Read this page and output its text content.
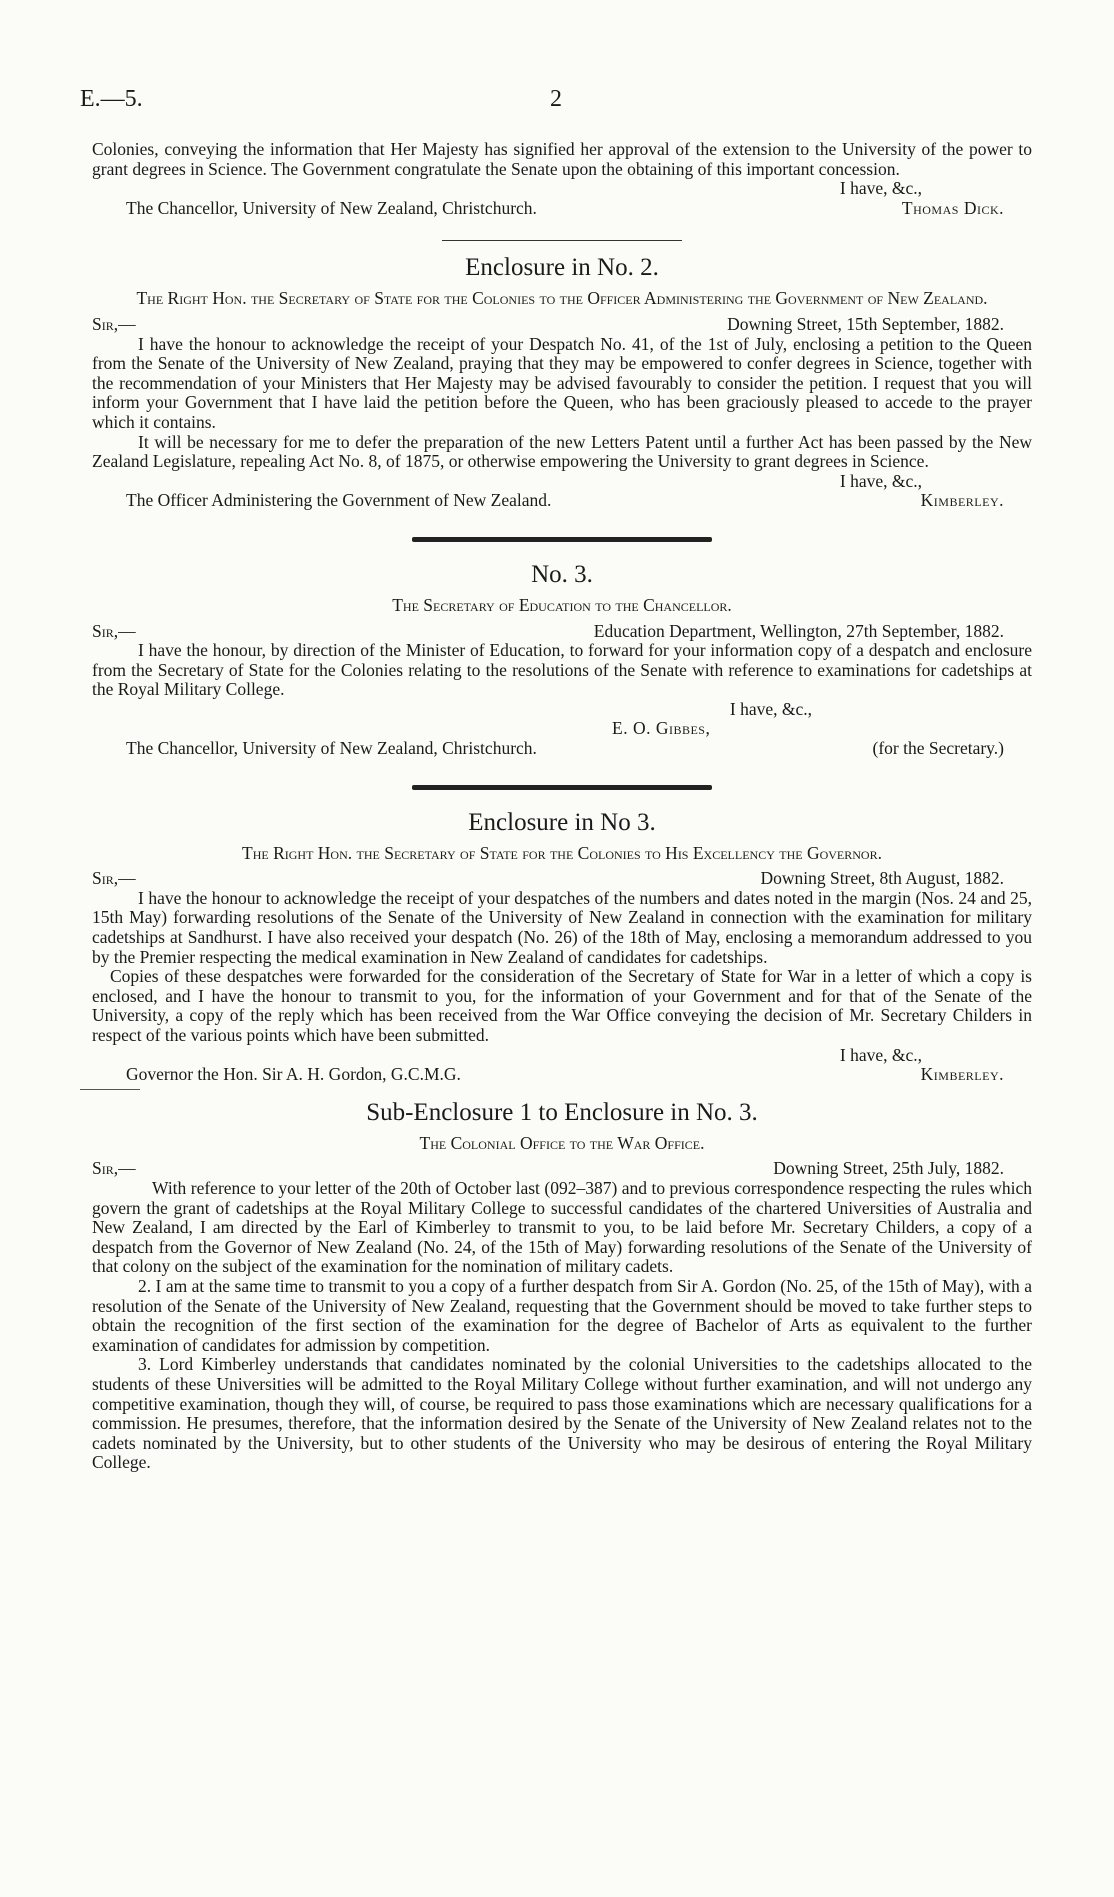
E.—5.	2

Colonies, conveying the information that Her Majesty has signified her approval of the extension to the University of the power to grant degrees in Science. The Government congratulate the Senate upon the obtaining of this important concession.

I have, &c.,
The Chancellor, University of New Zealand, Christchurch.	Thomas Dick.
Enclosure in No. 2.
The Right Hon. the Secretary of State for the Colonies to the Officer Administering the Government of New Zealand.
Sir,—	Downing Street, 15th September, 1882.

I have the honour to acknowledge the receipt of your Despatch No. 41, of the 1st of July, enclosing a petition to the Queen from the Senate of the University of New Zealand, praying that they may be empowered to confer degrees in Science, together with the recommendation of your Ministers that Her Majesty may be advised favourably to consider the petition. I request that you will inform your Government that I have laid the petition before the Queen, who has been graciously pleased to accede to the prayer which it contains.

It will be necessary for me to defer the preparation of the new Letters Patent until a further Act has been passed by the New Zealand Legislature, repealing Act No. 8, of 1875, or otherwise empowering the University to grant degrees in Science.

I have, &c.,
The Officer Administering the Government of New Zealand.	Kimberley.
No. 3.
The Secretary of Education to the Chancellor.
Sir,—	Education Department, Wellington, 27th September, 1882.

I have the honour, by direction of the Minister of Education, to forward for your information copy of a despatch and enclosure from the Secretary of State for the Colonies relating to the resolutions of the Senate with reference to examinations for cadetships at the Royal Military College.

I have, &c.,
E. O. Gibbes,
The Chancellor, University of New Zealand, Christchurch.	(for the Secretary.)
Enclosure in No 3.
The Right Hon. the Secretary of State for the Colonies to His Excellency the Governor.
Sir,—	Downing Street, 8th August, 1882.

I have the honour to acknowledge the receipt of your despatches of the numbers and dates noted in the margin (Nos. 24 and 25, 15th May) forwarding resolutions of the Senate of the University of New Zealand in connection with the examination for military cadetships at Sandhurst. I have also received your despatch (No. 26) of the 18th of May, enclosing a memorandum addressed to you by the Premier respecting the medical examination in New Zealand of candidates for cadetships.

Copies of these despatches were forwarded for the consideration of the Secretary of State for War in a letter of which a copy is enclosed, and I have the honour to transmit to you, for the information of your Government and for that of the Senate of the University, a copy of the reply which has been received from the War Office conveying the decision of Mr. Secretary Childers in respect of the various points which have been submitted.

I have, &c.,
Governor the Hon. Sir A. H. Gordon, G.C.M.G.	Kimberley.
Sub-Enclosure 1 to Enclosure in No. 3.
The Colonial Office to the War Office.
Sir,—	Downing Street, 25th July, 1882.

With reference to your letter of the 20th of October last (092–387) and to previous correspondence respecting the rules which govern the grant of cadetships at the Royal Military College to successful candidates of the chartered Universities of Australia and New Zealand, I am directed by the Earl of Kimberley to transmit to you, to be laid before Mr. Secretary Childers, a copy of a despatch from the Governor of New Zealand (No. 24, of the 15th of May) forwarding resolutions of the Senate of the University of that colony on the subject of the examination for the nomination of military cadets.

2. I am at the same time to transmit to you a copy of a further despatch from Sir A. Gordon (No. 25, of the 15th of May), with a resolution of the Senate of the University of New Zealand, requesting that the Government should be moved to take further steps to obtain the recognition of the first section of the examination for the degree of Bachelor of Arts as equivalent to the further examination of candidates for admission by competition.

3. Lord Kimberley understands that candidates nominated by the colonial Universities to the cadetships allocated to the students of these Universities will be admitted to the Royal Military College without further examination, and will not undergo any competitive examination, though they will, of course, be required to pass those examinations which are necessary qualifications for a commission. He presumes, therefore, that the information desired by the Senate of the University of New Zealand relates not to the cadets nominated by the University, but to other students of the University who may be desirous of entering the Royal Military College.
